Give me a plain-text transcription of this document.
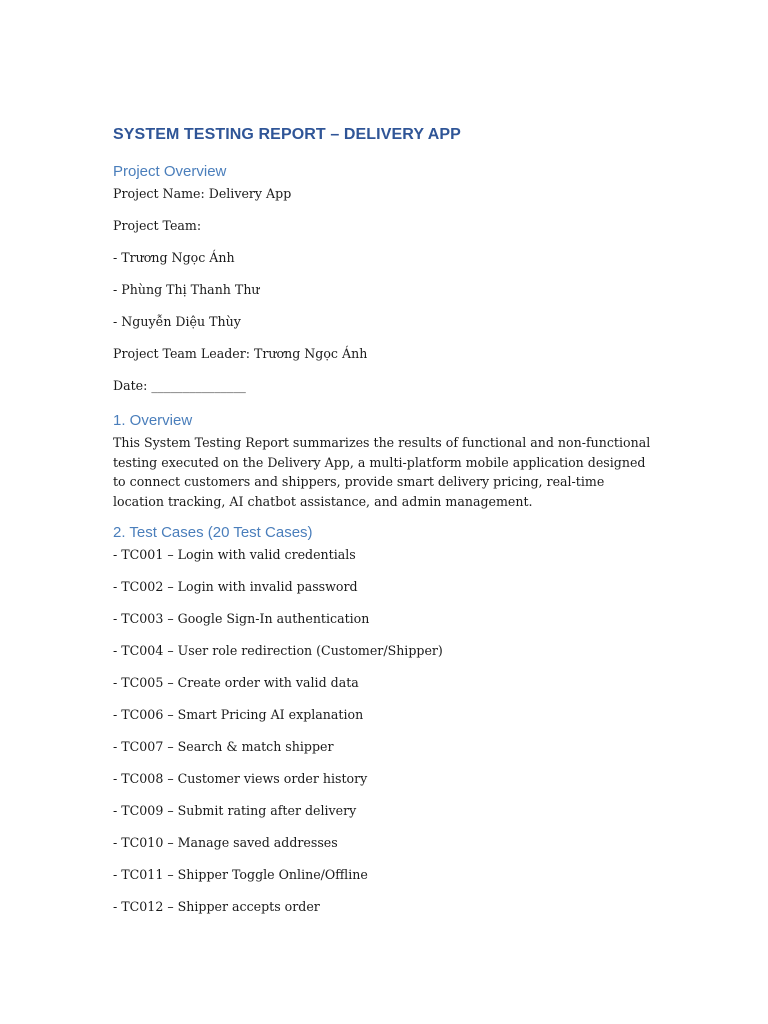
SYSTEM TESTING REPORT – DELIVERY APP
Project Overview
Project Name: Delivery App
Project Team:
- Trương Ngọc Ánh
- Phùng Thị Thanh Thư
- Nguyễn Diệu Thùy
Project Team Leader: Trương Ngọc Ánh
Date: _______________
1. Overview
This System Testing Report summarizes the results of functional and non-functional testing executed on the Delivery App, a multi-platform mobile application designed to connect customers and shippers, provide smart delivery pricing, real-time location tracking, AI chatbot assistance, and admin management.
2. Test Cases (20 Test Cases)
- TC001 – Login with valid credentials
- TC002 – Login with invalid password
- TC003 – Google Sign-In authentication
- TC004 – User role redirection (Customer/Shipper)
- TC005 – Create order with valid data
- TC006 – Smart Pricing AI explanation
- TC007 – Search & match shipper
- TC008 – Customer views order history
- TC009 – Submit rating after delivery
- TC010 – Manage saved addresses
- TC011 – Shipper Toggle Online/Offline
- TC012 – Shipper accepts order
